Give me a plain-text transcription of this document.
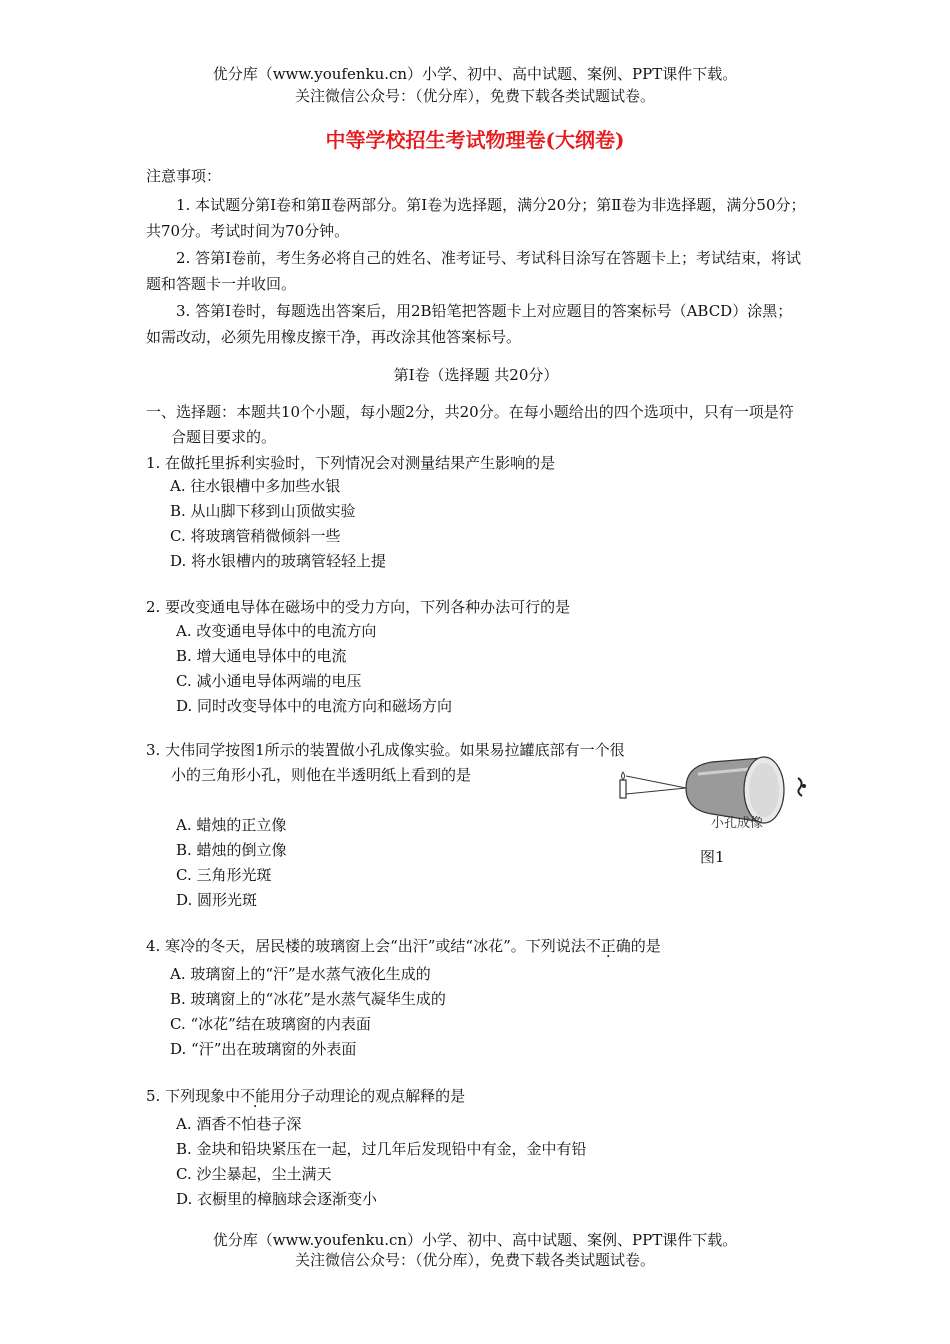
优分库（www.youfenku.cn）小学、初中、高中试题、案例、PPT课件下载。
关注微信公众号：（优分库），免费下载各类试题试卷。
中等学校招生考试物理卷(大纲卷)
注意事项：
1. 本试题分第Ⅰ卷和第Ⅱ卷两部分。第Ⅰ卷为选择题，满分20分；第Ⅱ卷为非选择题，满分50分；共70分。考试时间为70分钟。
2. 答第Ⅰ卷前，考生务必将自己的姓名、准考证号、考试科目涂写在答题卡上；考试结束，将试题和答题卡一并收回。
3. 答第Ⅰ卷时，每题选出答案后，用2B铅笔把答题卡上对应题目的答案标号（ABCD）涂黑；如需改动，必须先用橡皮擦干净，再改涂其他答案标号。
第Ⅰ卷（选择题 共20分）
一、选择题：本题共10个小题，每小题2分，共20分。在每小题给出的四个选项中，只有一项是符合题目要求的。
1. 在做托里拆利实验时，下列情况会对测量结果产生影响的是
A. 往水银槽中多加些水银
B. 从山脚下移到山顶做实验
C. 将玻璃管稍微倾斜一些
D. 将水银槽内的玻璃管轻轻上提
2. 要改变通电导体在磁场中的受力方向，下列各种办法可行的是
A. 改变通电导体中的电流方向
B. 增大通电导体中的电流
C. 减小通电导体两端的电压
D. 同时改变导体中的电流方向和磁场方向
3. 大伟同学按图1所示的装置做小孔成像实验。如果易拉罐底部有一个很小的三角形小孔，则他在半透明纸上看到的是
A. 蜡烛的正立像
B. 蜡烛的倒立像
C. 三角形光斑
D. 圆形光斑
小孔成像
图1
4. 寒冷的冬天，居民楼的玻璃窗上会“出汗”或结“冰花”。下列说法不正确的是
A. 玻璃窗上的“汗”是水蒸气液化生成的
B. 玻璃窗上的“冰花”是水蒸气凝华生成的
C. “冰花”结在玻璃窗的内表面
D. “汗”出在玻璃窗的外表面
5. 下列现象中不能用分子动理论的观点解释的是
A. 酒香不怕巷子深
B. 金块和铅块紧压在一起，过几年后发现铅中有金，金中有铅
C. 沙尘暴起，尘土满天
D. 衣橱里的樟脑球会逐渐变小
优分库（www.youfenku.cn）小学、初中、高中试题、案例、PPT课件下载。
关注微信公众号：（优分库），免费下载各类试题试卷。
